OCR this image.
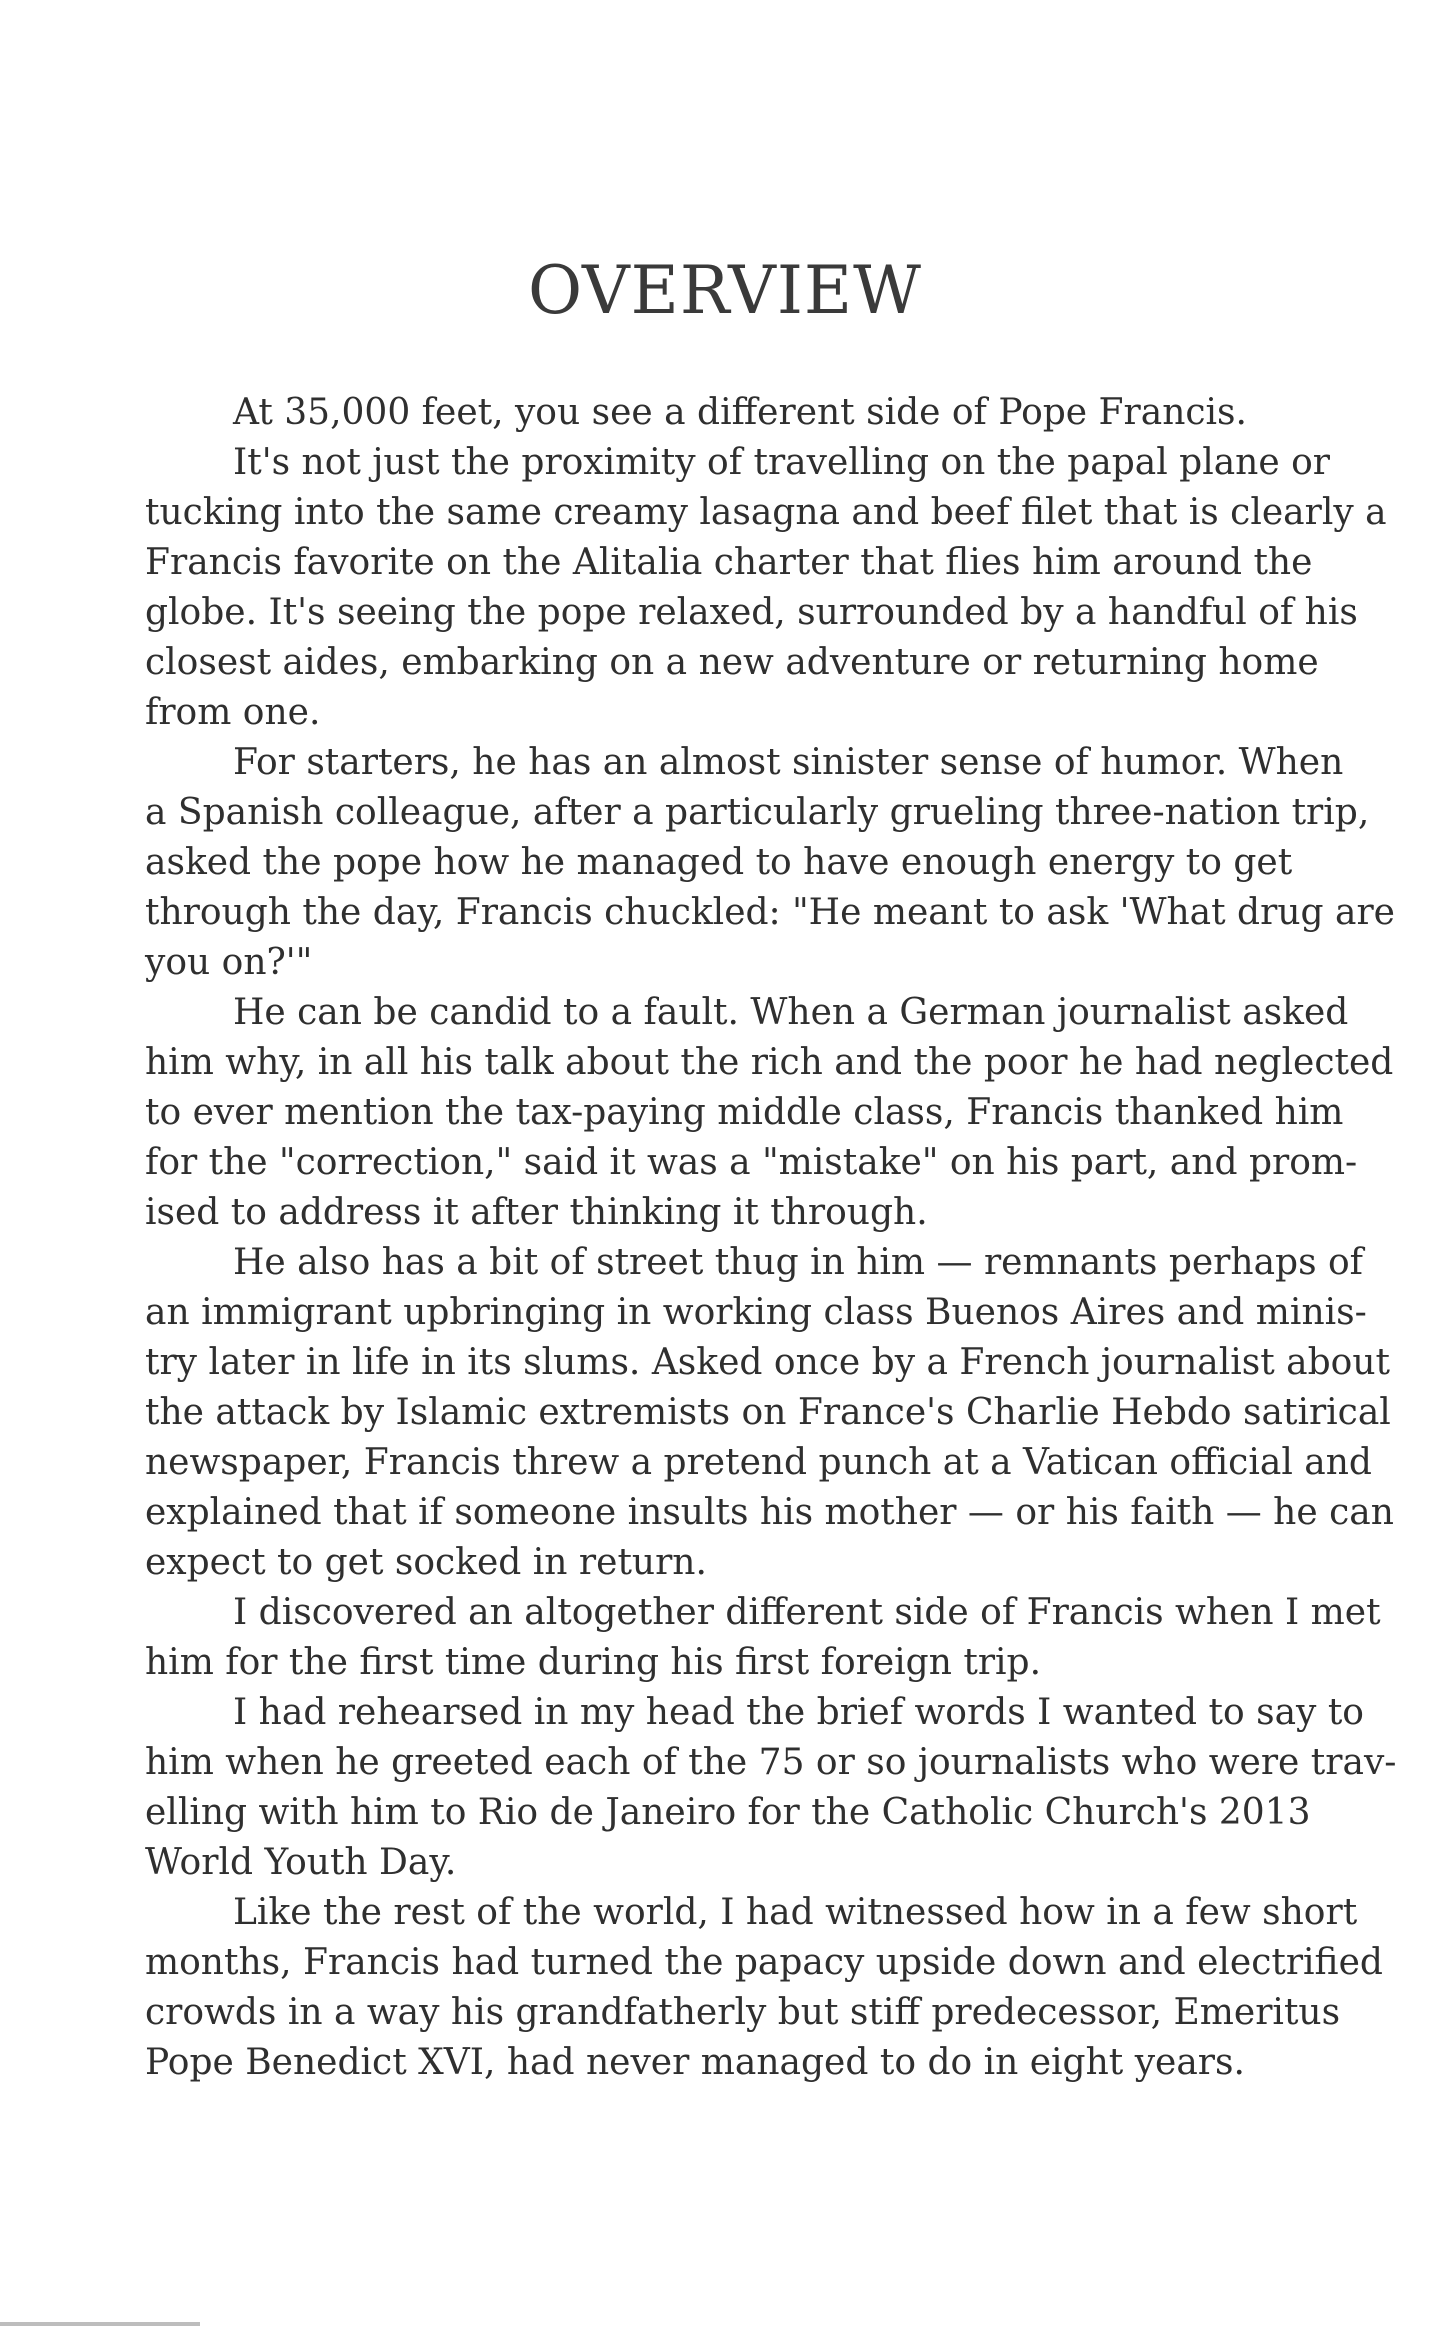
OVERVIEW
At 35,000 feet, you see a different side of Pope Francis.
It's not just the proximity of travelling on the papal plane or
tucking into the same creamy lasagna and beef filet that is clearly a
Francis favorite on the Alitalia charter that flies him around the
globe. It's seeing the pope relaxed, surrounded by a handful of his
closest aides, embarking on a new adventure or returning home
from one.
For starters, he has an almost sinister sense of humor. When
a Spanish colleague, after a particularly grueling three-nation trip,
asked the pope how he managed to have enough energy to get
through the day, Francis chuckled: "He meant to ask 'What drug are
you on?'"
He can be candid to a fault. When a German journalist asked
him why, in all his talk about the rich and the poor he had neglected
to ever mention the tax-paying middle class, Francis thanked him
for the "correction," said it was a "mistake" on his part, and prom-
ised to address it after thinking it through.
He also has a bit of street thug in him — remnants perhaps of
an immigrant upbringing in working class Buenos Aires and minis-
try later in life in its slums. Asked once by a French journalist about
the attack by Islamic extremists on France's Charlie Hebdo satirical
newspaper, Francis threw a pretend punch at a Vatican official and
explained that if someone insults his mother — or his faith — he can
expect to get socked in return.
I discovered an altogether different side of Francis when I met
him for the first time during his first foreign trip.
I had rehearsed in my head the brief words I wanted to say to
him when he greeted each of the 75 or so journalists who were trav-
elling with him to Rio de Janeiro for the Catholic Church's 2013
World Youth Day.
Like the rest of the world, I had witnessed how in a few short
months, Francis had turned the papacy upside down and electrified
crowds in a way his grandfatherly but stiff predecessor, Emeritus
Pope Benedict XVI, had never managed to do in eight years.
